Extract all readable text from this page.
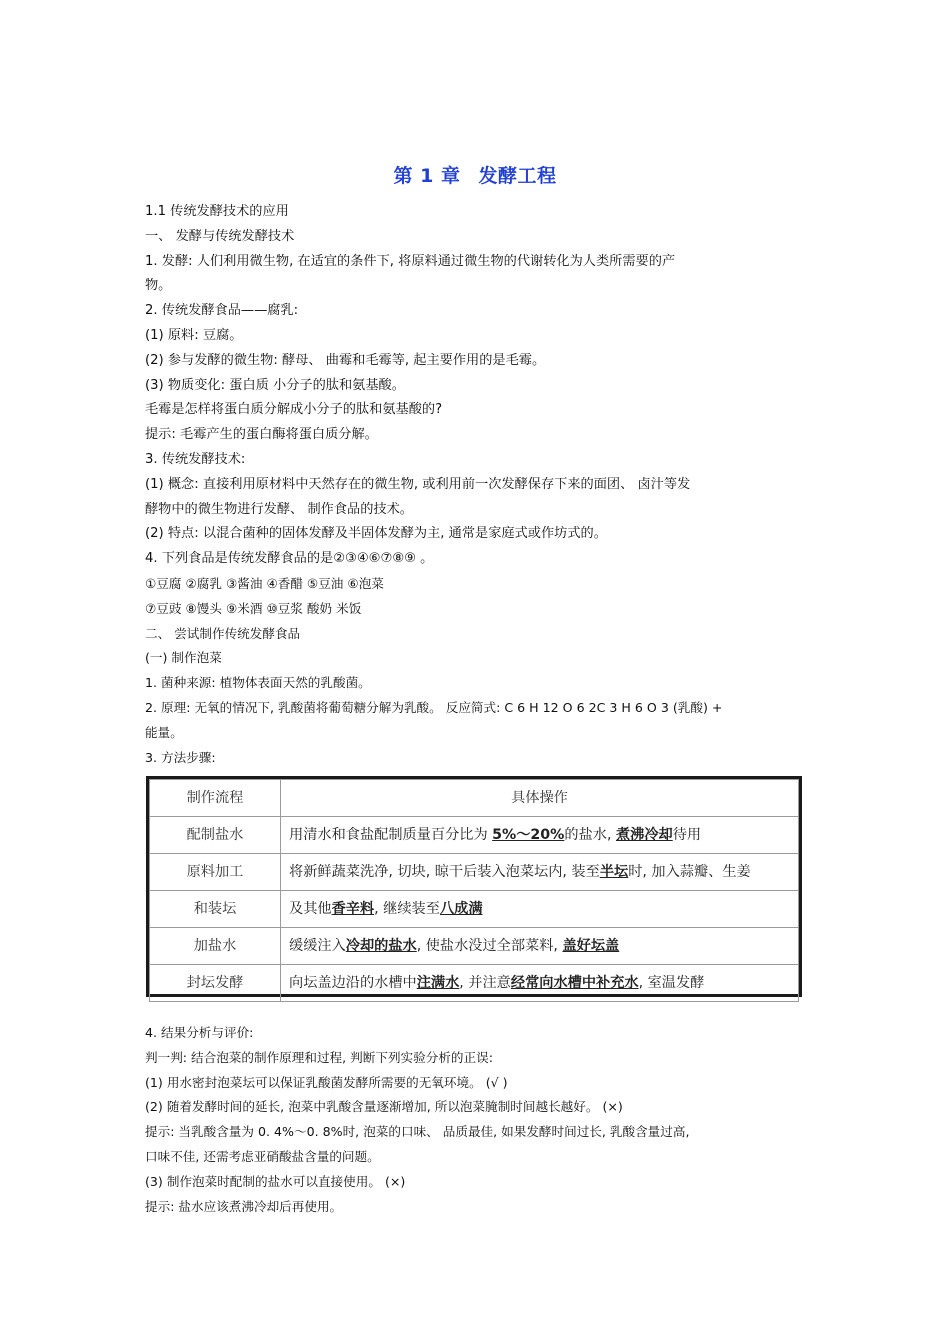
第 1 章 发酵工程
1.1 传统发酵技术的应用
一、 发酵与传统发酵技术
1. 发酵: 人们利用微生物, 在适宜的条件下, 将原料通过微生物的代谢转化为人类所需要的产
物。
2. 传统发酵食品——腐乳:
(1) 原料: 豆腐。
(2) 参与发酵的微生物: 酵母、 曲霉和毛霉等, 起主要作用的是毛霉。
(3) 物质变化: 蛋白质 小分子的肽和氨基酸。
毛霉是怎样将蛋白质分解成小分子的肽和氨基酸的?
提示: 毛霉产生的蛋白酶将蛋白质分解。
3. 传统发酵技术:
(1) 概念: 直接利用原材料中天然存在的微生物, 或利用前一次发酵保存下来的面团、 卤汁等发
酵物中的微生物进行发酵、 制作食品的技术。
(2) 特点: 以混合菌种的固体发酵及半固体发酵为主, 通常是家庭式或作坊式的。
4. 下列食品是传统发酵食品的是②③④⑥⑦⑧⑨ 。
①豆腐 ②腐乳 ③酱油 ④香醋 ⑤豆油 ⑥泡菜
⑦豆豉 ⑧馒头 ⑨米酒 ⑩豆浆 酸奶 米饭
二、 尝试制作传统发酵食品
(一) 制作泡菜
1. 菌种来源: 植物体表面天然的乳酸菌。
2. 原理: 无氧的情况下, 乳酸菌将葡萄糖分解为乳酸。 反应简式: C 6 H 12 O 6 2C 3 H 6 O 3 (乳酸) +
能量。
3. 方法步骤:
制作流程	具体操作
配制盐水	用清水和食盐配制质量百分比为 5%～20%的盐水, 煮沸冷却待用
原料加工	将新鲜蔬菜洗净, 切块, 晾干后装入泡菜坛内, 装至半坛时, 加入蒜瓣、生姜
和装坛	及其他香辛料, 继续装至八成满
加盐水	缓缓注入冷却的盐水, 使盐水没过全部菜料, 盖好坛盖
封坛发酵	向坛盖边沿的水槽中注满水, 并注意经常向水槽中补充水, 室温发酵
4. 结果分析与评价:
判一判: 结合泡菜的制作原理和过程, 判断下列实验分析的正误:
(1) 用水密封泡菜坛可以保证乳酸菌发酵所需要的无氧环境。 (√ )
(2) 随着发酵时间的延长, 泡菜中乳酸含量逐渐增加, 所以泡菜腌制时间越长越好。 (×)
提示: 当乳酸含量为 0. 4%～0. 8%时, 泡菜的口味、 品质最佳, 如果发酵时间过长, 乳酸含量过高,
口味不佳, 还需考虑亚硝酸盐含量的问题。
(3) 制作泡菜时配制的盐水可以直接使用。 (×)
提示: 盐水应该煮沸冷却后再使用。
